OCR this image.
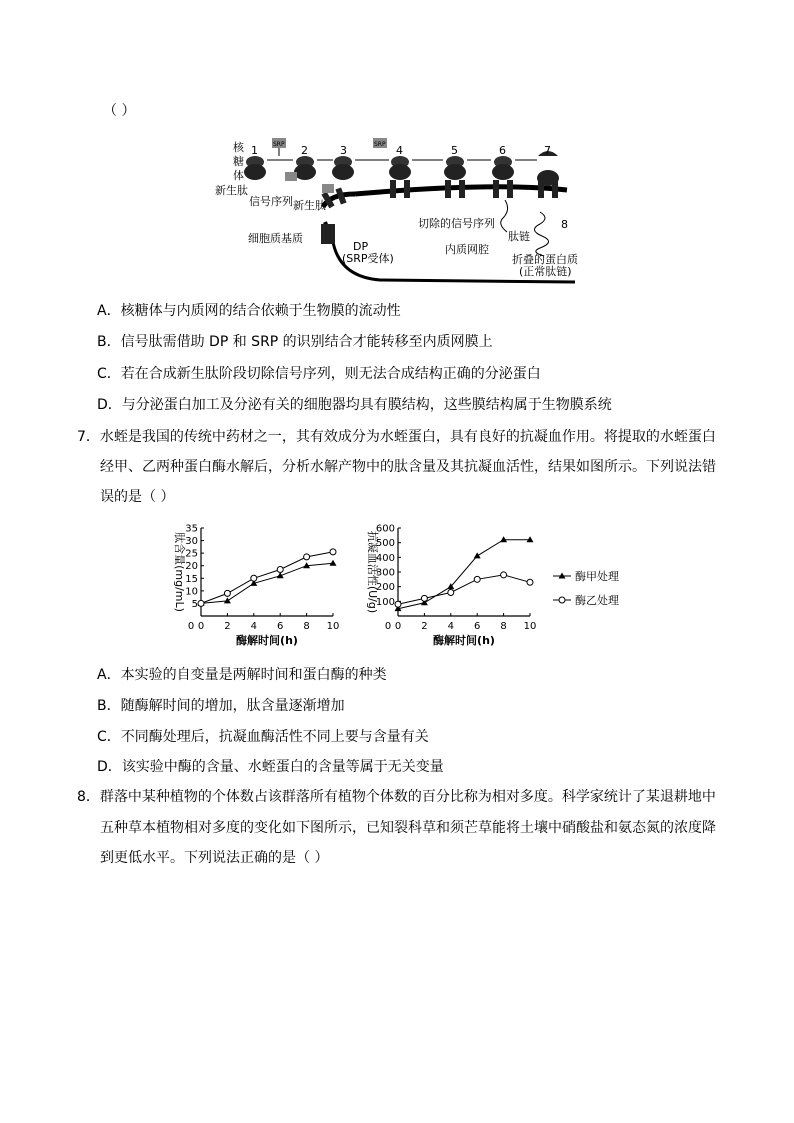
（ ）
核
糖
体
1	2	3	4	5	6	7
8
SRP	SRP
新生肽
信号序列 新生肽
细胞质基质
DP
(SRP受体)
切除的信号序列
内质网腔
肽链
折叠的蛋白质
(正常肽链)
A．核糖体与内质网的结合依赖于生物膜的流动性
B．信号肽需借助 DP 和 SRP 的识别结合才能转移至内质网膜上
C．若在合成新生肽阶段切除信号序列，则无法合成结构正确的分泌蛋白
D．与分泌蛋白加工及分泌有关的细胞器均具有膜结构，这些膜结构属于生物膜系统
7．水蛭是我国的传统中药材之一，其有效成分为水蛭蛋白，具有良好的抗凝血作用。将提取的水蛭蛋白
经甲、乙两种蛋白酶水解后，分析水解产物中的肽含量及其抗凝血活性，结果如图所示。下列说法错
误的是（ ）
0 2 4 6 8 10
5
10
15
20
25
30
35
0
酶解时间(h)
肽含量(mg/mL)
0 2 4 6 8 10
100
200
300
400
500
600
0
酶解时间(h)
抗凝血活性(U/g)	酶甲处理
酶乙处理
A．本实验的自变量是两解时间和蛋白酶的种类
B．随酶解时间的增加，肽含量逐渐增加
C．不同酶处理后，抗凝血酶活性不同上要与含量有关
D．该实验中酶的含量、水蛭蛋白的含量等属于无关变量
8．群落中某种植物的个体数占该群落所有植物个体数的百分比称为相对多度。科学家统计了某退耕地中
五种草本植物相对多度的变化如下图所示，已知裂科草和须芒草能将土壤中硝酸盐和氨态氮的浓度降
到更低水平。下列说法正确的是（ ）
